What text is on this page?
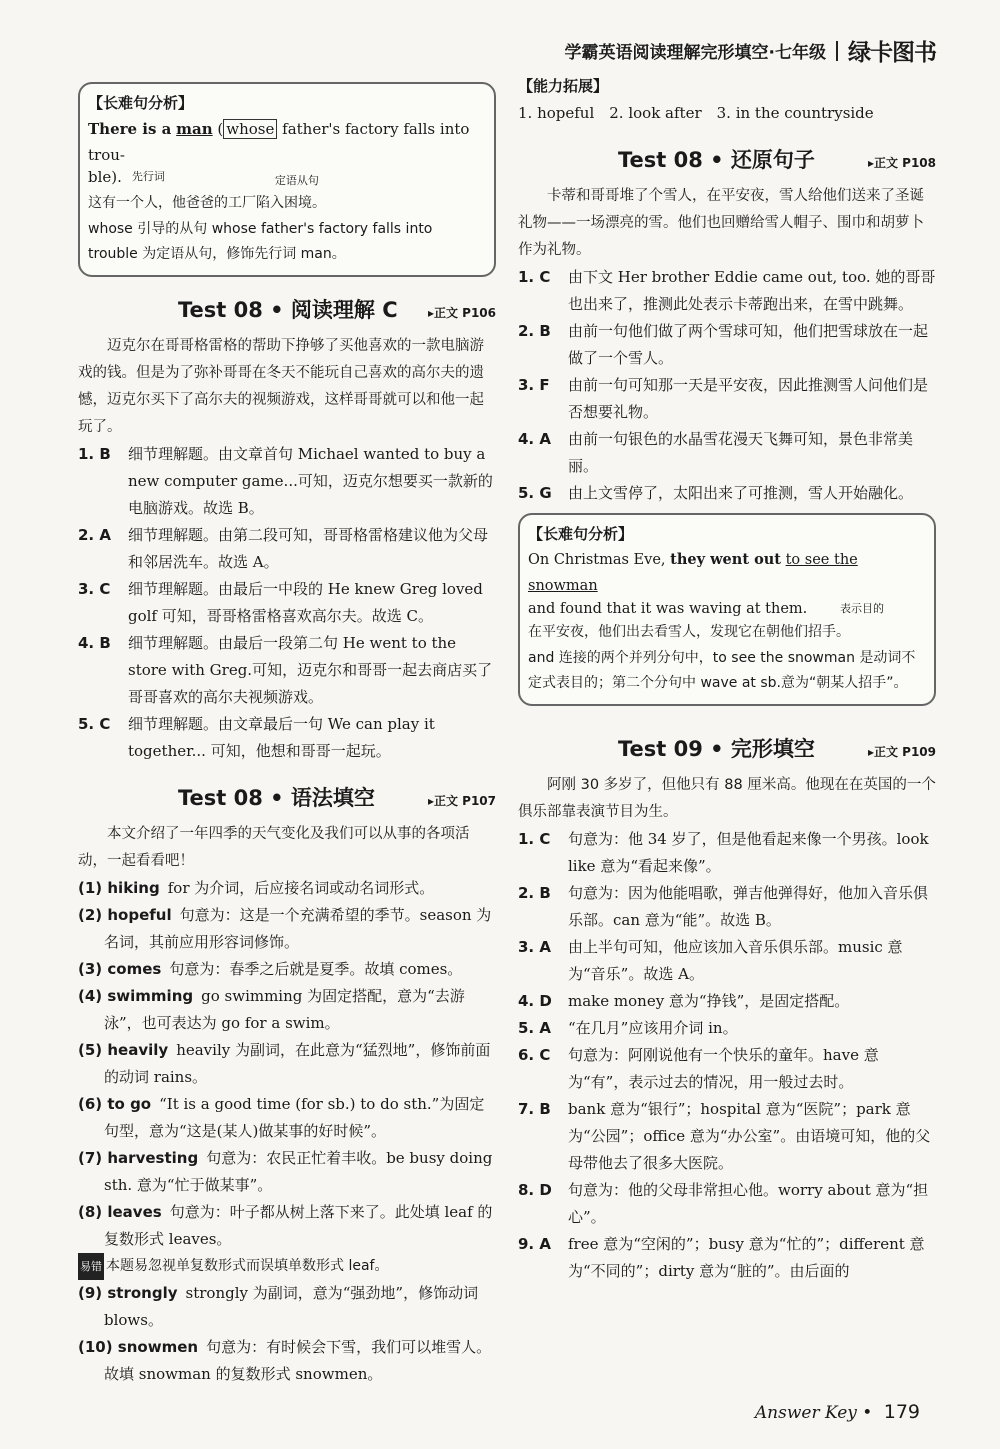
学霸英语阅读理解完形填空·七年级 绿卡图书
【长难句分析】
There is a man ( whose father's factory falls into trou-
ble). 先行词	定语从句
这有一个人，他爸爸的工厂陷入困境。
whose 引导的从句 whose father's factory falls into trouble 为定语从句，修饰先行词 man。
Test 08 • 阅读理解 C	▸正文 P106
迈克尔在哥哥格雷格的帮助下挣够了买他喜欢的一款电脑游戏的钱。但是为了弥补哥哥在冬天不能玩自己喜欢的高尔夫的遗憾，迈克尔买下了高尔夫的视频游戏，这样哥哥就可以和他一起玩了。
1. B	细节理解题。由文章首句 Michael wanted to buy a new computer game...可知，迈克尔想要买一款新的电脑游戏。故选 B。
2. A	细节理解题。由第二段可知，哥哥格雷格建议他为父母和邻居洗车。故选 A。
3. C	细节理解题。由最后一中段的 He knew Greg loved golf 可知，哥哥格雷格喜欢高尔夫。故选 C。
4. B	细节理解题。由最后一段第二句 He went to the store with Greg.可知，迈克尔和哥哥一起去商店买了哥哥喜欢的高尔夫视频游戏。
5. C	细节理解题。由文章最后一句 We can play it together... 可知，他想和哥哥一起玩。
Test 08 • 语法填空	▸正文 P107
本文介绍了一年四季的天气变化及我们可以从事的各项活动，一起看看吧！
(1) hiking for 为介词，后应接名词或动名词形式。
(2) hopeful 句意为：这是一个充满希望的季节。season 为名词，其前应用形容词修饰。
(3) comes 句意为：春季之后就是夏季。故填 comes。
(4) swimming go swimming 为固定搭配，意为“去游泳”，也可表达为 go for a swim。
(5) heavily heavily 为副词，在此意为“猛烈地”，修饰前面的动词 rains。
(6) to go “It is a good time (for sb.) to do sth.”为固定句型，意为“这是(某人)做某事的好时候”。
(7) harvesting 句意为：农民正忙着丰收。be busy doing sth. 意为“忙于做某事”。
(8) leaves 句意为：叶子都从树上落下来了。此处填 leaf 的复数形式 leaves。
易错 本题易忽视单复数形式而误填单数形式 leaf。
(9) strongly strongly 为副词，意为“强劲地”，修饰动词 blows。
(10) snowmen 句意为：有时候会下雪，我们可以堆雪人。故填 snowman 的复数形式 snowmen。
【能力拓展】
1. hopeful　2. look after　3. in the countryside
Test 08 • 还原句子	▸正文 P108
卡蒂和哥哥堆了个雪人，在平安夜，雪人给他们送来了圣诞礼物——一场漂亮的雪。他们也回赠给雪人帽子、围巾和胡萝卜作为礼物。
1. C	由下文 Her brother Eddie came out, too. 她的哥哥也出来了，推测此处表示卡蒂跑出来，在雪中跳舞。
2. B	由前一句他们做了两个雪球可知，他们把雪球放在一起做了一个雪人。
3. F	由前一句可知那一天是平安夜，因此推测雪人问他们是否想要礼物。
4. A	由前一句银色的水晶雪花漫天飞舞可知，景色非常美丽。
5. G	由上文雪停了，太阳出来了可推测，雪人开始融化。
【长难句分析】
On Christmas Eve, they went out to see the snowman
and found that it was waving at them.	表示目的
在平安夜，他们出去看雪人，发现它在朝他们招手。
and 连接的两个并列分句中，to see the snowman 是动词不定式表目的；第二个分句中 wave at sb.意为“朝某人招手”。
Test 09 • 完形填空	▸正文 P109
阿刚 30 多岁了，但他只有 88 厘米高。他现在在英国的一个俱乐部靠表演节目为生。
1. C	句意为：他 34 岁了，但是他看起来像一个男孩。look like 意为“看起来像”。
2. B	句意为：因为他能唱歌，弹吉他弹得好，他加入音乐俱乐部。can 意为“能”。故选 B。
3. A	由上半句可知，他应该加入音乐俱乐部。music 意为“音乐”。故选 A。
4. D	make money 意为“挣钱”，是固定搭配。
5. A	“在几月”应该用介词 in。
6. C	句意为：阿刚说他有一个快乐的童年。have 意为“有”，表示过去的情况，用一般过去时。
7. B	bank 意为“银行”；hospital 意为“医院”；park 意为“公园”；office 意为“办公室”。由语境可知，他的父母带他去了很多大医院。
8. D	句意为：他的父母非常担心他。worry about 意为“担心”。
9. A	free 意为“空闲的”；busy 意为“忙的”；different 意为“不同的”；dirty 意为“脏的”。由后面的
Answer Key • 179
